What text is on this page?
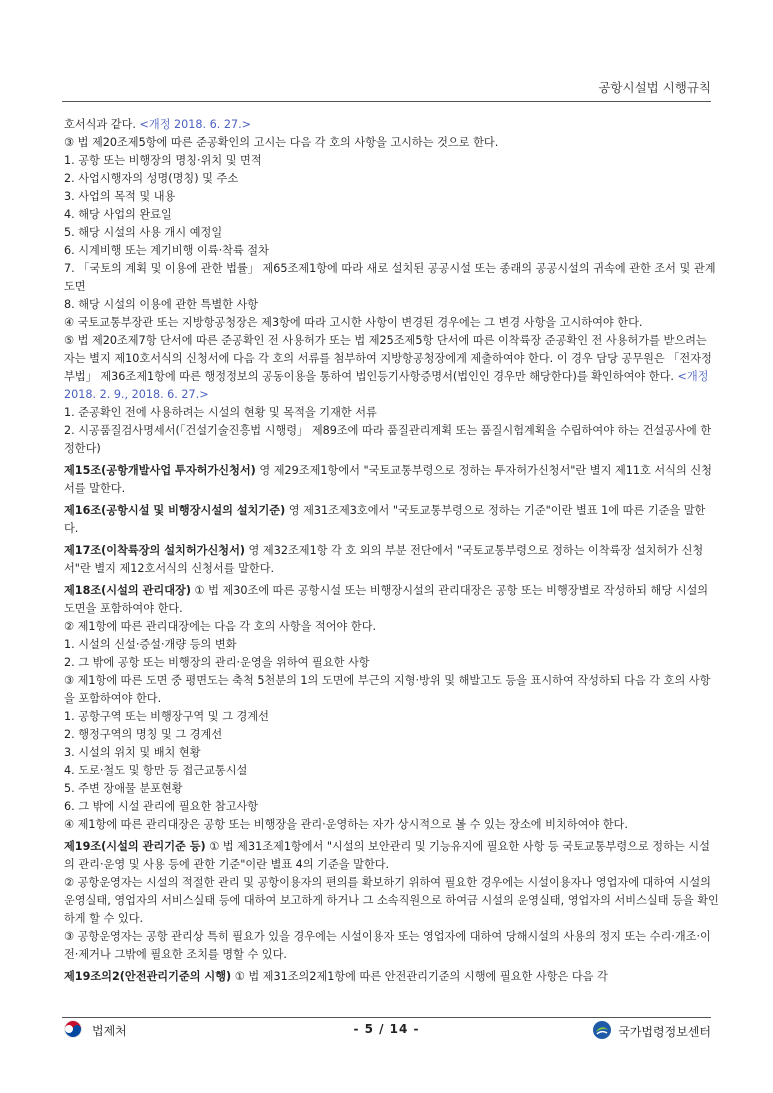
공항시설법 시행규칙

호서식과 같다. <개정 2018. 6. 27.>

③ 법 제20조제5항에 따른 준공확인의 고시는 다음 각 호의 사항을 고시하는 것으로 한다.

1. 공항 또는 비행장의 명칭·위치 및 면적

2. 사업시행자의 성명(명칭) 및 주소

3. 사업의 목적 및 내용

4. 해당 사업의 완료일

5. 해당 시설의 사용 개시 예정일

6. 시계비행 또는 계기비행 이륙·착륙 절차

7. 「국토의 계획 및 이용에 관한 법률」 제65조제1항에 따라 새로 설치된 공공시설 또는 종래의 공공시설의 귀속에 관한 조서 및 관계 도면

8. 해당 시설의 이용에 관한 특별한 사항

④ 국토교통부장관 또는 지방항공청장은 제3항에 따라 고시한 사항이 변경된 경우에는 그 변경 사항을 고시하여야 한다.

⑤ 법 제20조제7항 단서에 따른 준공확인 전 사용허가 또는 법 제25조제5항 단서에 따른 이착륙장 준공확인 전 사용허가를 받으려는 자는 별지 제10호서식의 신청서에 다음 각 호의 서류를 첨부하여 지방항공청장에게 제출하여야 한다. 이 경우 담당 공무원은 「전자정부법」 제36조제1항에 따른 행정정보의 공동이용을 통하여 법인등기사항증명서(법인인 경우만 해당한다)를 확인하여야 한다. <개정 2018. 2. 9., 2018. 6. 27.>

1. 준공확인 전에 사용하려는 시설의 현황 및 목적을 기재한 서류

2. 시공품질검사명세서(「건설기술진흥법 시행령」 제89조에 따라 품질관리계획 또는 품질시험계획을 수립하여야 하는 건설공사에 한정한다)

제15조(공항개발사업 투자허가신청서) 영 제29조제1항에서 "국토교통부령으로 정하는 투자허가신청서"란 별지 제11호 서식의 신청서를 말한다.

제16조(공항시설 및 비행장시설의 설치기준) 영 제31조제3호에서 "국토교통부령으로 정하는 기준"이란 별표 1에 따른 기준을 말한다.

제17조(이착륙장의 설치허가신청서) 영 제32조제1항 각 호 외의 부분 전단에서 "국토교통부령으로 정하는 이착륙장 설치허가 신청서"란 별지 제12호서식의 신청서를 말한다.

제18조(시설의 관리대장) ① 법 제30조에 따른 공항시설 또는 비행장시설의 관리대장은 공항 또는 비행장별로 작성하되 해당 시설의 도면을 포함하여야 한다.

② 제1항에 따른 관리대장에는 다음 각 호의 사항을 적어야 한다.

1. 시설의 신설·증설·개량 등의 변화

2. 그 밖에 공항 또는 비행장의 관리·운영을 위하여 필요한 사항

③ 제1항에 따른 도면 중 평면도는 축척 5천분의 1의 도면에 부근의 지형·방위 및 해발고도 등을 표시하여 작성하되 다음 각 호의 사항을 포함하여야 한다.

1. 공항구역 또는 비행장구역 및 그 경계선

2. 행정구역의 명칭 및 그 경계선

3. 시설의 위치 및 배치 현황

4. 도로·철도 및 항만 등 접근교통시설

5. 주변 장애물 분포현황

6. 그 밖에 시설 관리에 필요한 참고사항

④ 제1항에 따른 관리대장은 공항 또는 비행장을 관리·운영하는 자가 상시적으로 볼 수 있는 장소에 비치하여야 한다.

제19조(시설의 관리기준 등) ① 법 제31조제1항에서 "시설의 보안관리 및 기능유지에 필요한 사항 등 국토교통부령으로 정하는 시설의 관리·운영 및 사용 등에 관한 기준"이란 별표 4의 기준을 말한다.

② 공항운영자는 시설의 적절한 관리 및 공항이용자의 편의를 확보하기 위하여 필요한 경우에는 시설이용자나 영업자에 대하여 시설의 운영실태, 영업자의 서비스실태 등에 대하여 보고하게 하거나 그 소속직원으로 하여금 시설의 운영실태, 영업자의 서비스실태 등을 확인하게 할 수 있다.

③ 공항운영자는 공항 관리상 특히 필요가 있을 경우에는 시설이용자 또는 영업자에 대하여 당해시설의 사용의 정지 또는 수리·개조·이전·제거나 그밖에 필요한 조치를 명할 수 있다.

제19조의2(안전관리기준의 시행) ① 법 제31조의2제1항에 따른 안전관리기준의 시행에 필요한 사항은 다음 각

법제처	- 5 / 14 -	국가법령정보센터
